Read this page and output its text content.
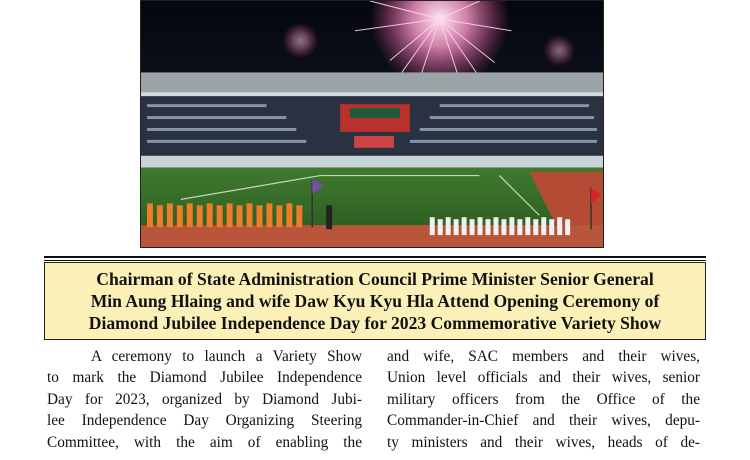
Chairman of State Administration Council Prime Minister Senior General
Min Aung Hlaing and wife Daw Kyu Kyu Hla Attend Opening Ceremony of
Diamond Jubilee Independence Day for 2023 Commemorative Variety Show
A ceremony to launch a Variety Show
to mark the Diamond Jubilee Independence
Day for 2023, organized by Diamond Jubi-
lee Independence Day Organizing Steering
Committee, with the aim of enabling the
and wife, SAC members and their wives,
Union level officials and their wives, senior
military officers from the Office of the
Commander-in-Chief and their wives, depu-
ty ministers and their wives, heads of de-
